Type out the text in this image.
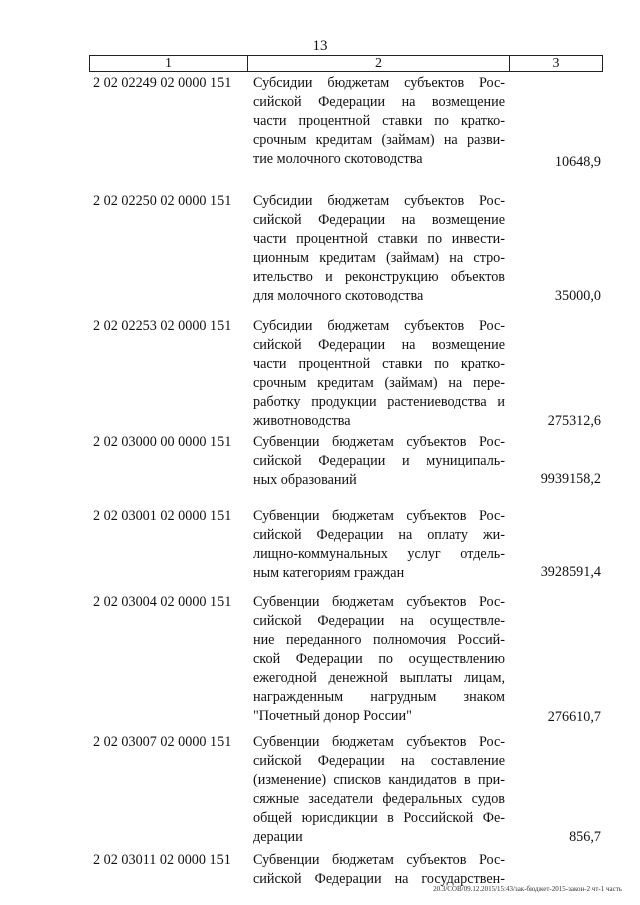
13
1	2	3
2 02 02249 02 0000 151	Субсидии бюджетам субъектов Рос-
сийской Федерации на возмещение
части процентной ставки по кратко-
срочным кредитам (займам) на разви-
тие молочного скотоводства	10648,9
2 02 02250 02 0000 151	Субсидии бюджетам субъектов Рос-
сийской Федерации на возмещение
части процентной ставки по инвести-
ционным кредитам (займам) на стро-
ительство и реконструкцию объектов
для молочного скотоводства	35000,0
2 02 02253 02 0000 151	Субсидии бюджетам субъектов Рос-
сийской Федерации на возмещение
части процентной ставки по кратко-
срочным кредитам (займам) на пере-
работку продукции растениеводства и
животноводства	275312,6
2 02 03000 00 0000 151	Субвенции бюджетам субъектов Рос-
сийской Федерации и муниципаль-
ных образований	9939158,2
2 02 03001 02 0000 151	Субвенции бюджетам субъектов Рос-
сийской Федерации на оплату жи-
лищно-коммунальных услуг отдель-
ным категориям граждан	3928591,4
2 02 03004 02 0000 151	Субвенции бюджетам субъектов Рос-
сийской Федерации на осуществле-
ние переданного полномочия Россий-
ской Федерации по осуществлению
ежегодной денежной выплаты лицам,
награжденным нагрудным знаком
"Почетный донор России"	276610,7
2 02 03007 02 0000 151	Субвенции бюджетам субъектов Рос-
сийской Федерации на составление
(изменение) списков кандидатов в при-
сяжные заседатели федеральных судов
общей юрисдикции в Российской Фе-
дерации	856,7
2 02 03011 02 0000 151	Субвенции бюджетам субъектов Рос-
сийской Федерации на государствен-
20.3/СОВ/09.12.2015/15:43/зак-бюджет-2015-закон-2 чт-1 часть
